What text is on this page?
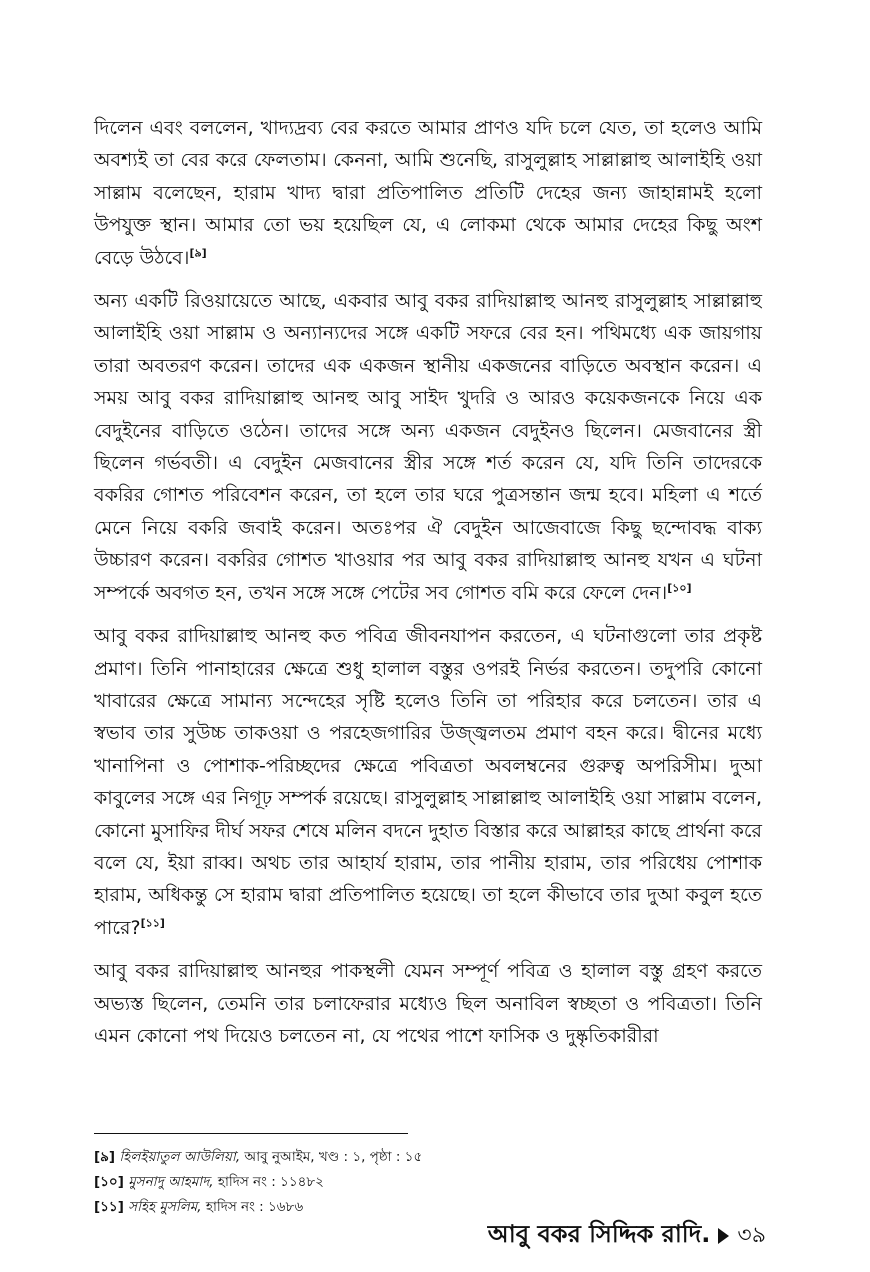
দিলেন এবং বললেন, খাদ্যদ্রব্য বের করতে আমার প্রাণও যদি চলে যেত, তা হলেও আমি অবশ্যই তা বের করে ফেলতাম। কেননা, আমি শুনেছি, রাসুলুল্লাহ সাল্লাল্লাহু আলাইহি ওয়া সাল্লাম বলেছেন, হারাম খাদ্য দ্বারা প্রতিপালিত প্রতিটি দেহের জন্য জাহান্নামই হলো উপযুক্ত স্থান। আমার তো ভয় হয়েছিল যে, এ লোকমা থেকে আমার দেহের কিছু অংশ বেড়ে উঠবে।[৯]

অন্য একটি রিওয়ায়েতে আছে, একবার আবু বকর রাদিয়াল্লাহু আনহু রাসুলুল্লাহ সাল্লাল্লাহু আলাইহি ওয়া সাল্লাম ও অন্যান্যদের সঙ্গে একটি সফরে বের হন। পথিমধ্যে এক জায়গায় তারা অবতরণ করেন। তাদের এক একজন স্থানীয় একজনের বাড়িতে অবস্থান করেন। এ সময় আবু বকর রাদিয়াল্লাহু আনহু আবু সাইদ খুদরি ও আরও কয়েকজনকে নিয়ে এক বেদুইনের বাড়িতে ওঠেন। তাদের সঙ্গে অন্য একজন বেদুইনও ছিলেন। মেজবানের স্ত্রী ছিলেন গর্ভবতী। এ বেদুইন মেজবানের স্ত্রীর সঙ্গে শর্ত করেন যে, যদি তিনি তাদেরকে বকরির গোশত পরিবেশন করেন, তা হলে তার ঘরে পুত্রসন্তান জন্ম হবে। মহিলা এ শর্তে মেনে নিয়ে বকরি জবাই করেন। অতঃপর ঐ বেদুইন আজেবাজে কিছু ছন্দোবদ্ধ বাক্য উচ্চারণ করেন। বকরির গোশত খাওয়ার পর আবু বকর রাদিয়াল্লাহু আনহু যখন এ ঘটনা সম্পর্কে অবগত হন, তখন সঙ্গে সঙ্গে পেটের সব গোশত বমি করে ফেলে দেন।[১০]

আবু বকর রাদিয়াল্লাহু আনহু কত পবিত্র জীবনযাপন করতেন, এ ঘটনাগুলো তার প্রকৃষ্ট প্রমাণ। তিনি পানাহারের ক্ষেত্রে শুধু হালাল বস্তুর ওপরই নির্ভর করতেন। তদুপরি কোনো খাবারের ক্ষেত্রে সামান্য সন্দেহের সৃষ্টি হলেও তিনি তা পরিহার করে চলতেন। তার এ স্বভাব তার সুউচ্চ তাকওয়া ও পরহেজগারির উজ্জ্বলতম প্রমাণ বহন করে। দ্বীনের মধ্যে খানাপিনা ও পোশাক-পরিচ্ছদের ক্ষেত্রে পবিত্রতা অবলম্বনের গুরুত্ব অপরিসীম। দুআ কাবুলের সঙ্গে এর নিগূঢ় সম্পর্ক রয়েছে। রাসুলুল্লাহ সাল্লাল্লাহু আলাইহি ওয়া সাল্লাম বলেন, কোনো মুসাফির দীর্ঘ সফর শেষে মলিন বদনে দুহাত বিস্তার করে আল্লাহর কাছে প্রার্থনা করে বলে যে, ইয়া রাব্ব। অথচ তার আহার্য হারাম, তার পানীয় হারাম, তার পরিধেয় পোশাক হারাম, অধিকন্তু সে হারাম দ্বারা প্রতিপালিত হয়েছে। তা হলে কীভাবে তার দুআ কবুল হতে পারে?[১১]

আবু বকর রাদিয়াল্লাহু আনহুর পাকস্থলী যেমন সম্পূর্ণ পবিত্র ও হালাল বস্তু গ্রহণ করতে অভ্যস্ত ছিলেন, তেমনি তার চলাফেরার মধ্যেও ছিল অনাবিল স্বচ্ছতা ও পবিত্রতা। তিনি এমন কোনো পথ দিয়েও চলতেন না, যে পথের পাশে ফাসিক ও দুষ্কৃতিকারীরা

[৯] হিলইয়াতুল আউলিয়া, আবু নুআইম, খণ্ড : ১, পৃষ্ঠা : ১৫
[১০] মুসনাদু আহমাদ, হাদিস নং : ১১৪৮২
[১১] সহিহ মুসলিম, হাদিস নং : ১৬৮৬
আবু বকর সিদ্দিক রাদি. ৩৯
